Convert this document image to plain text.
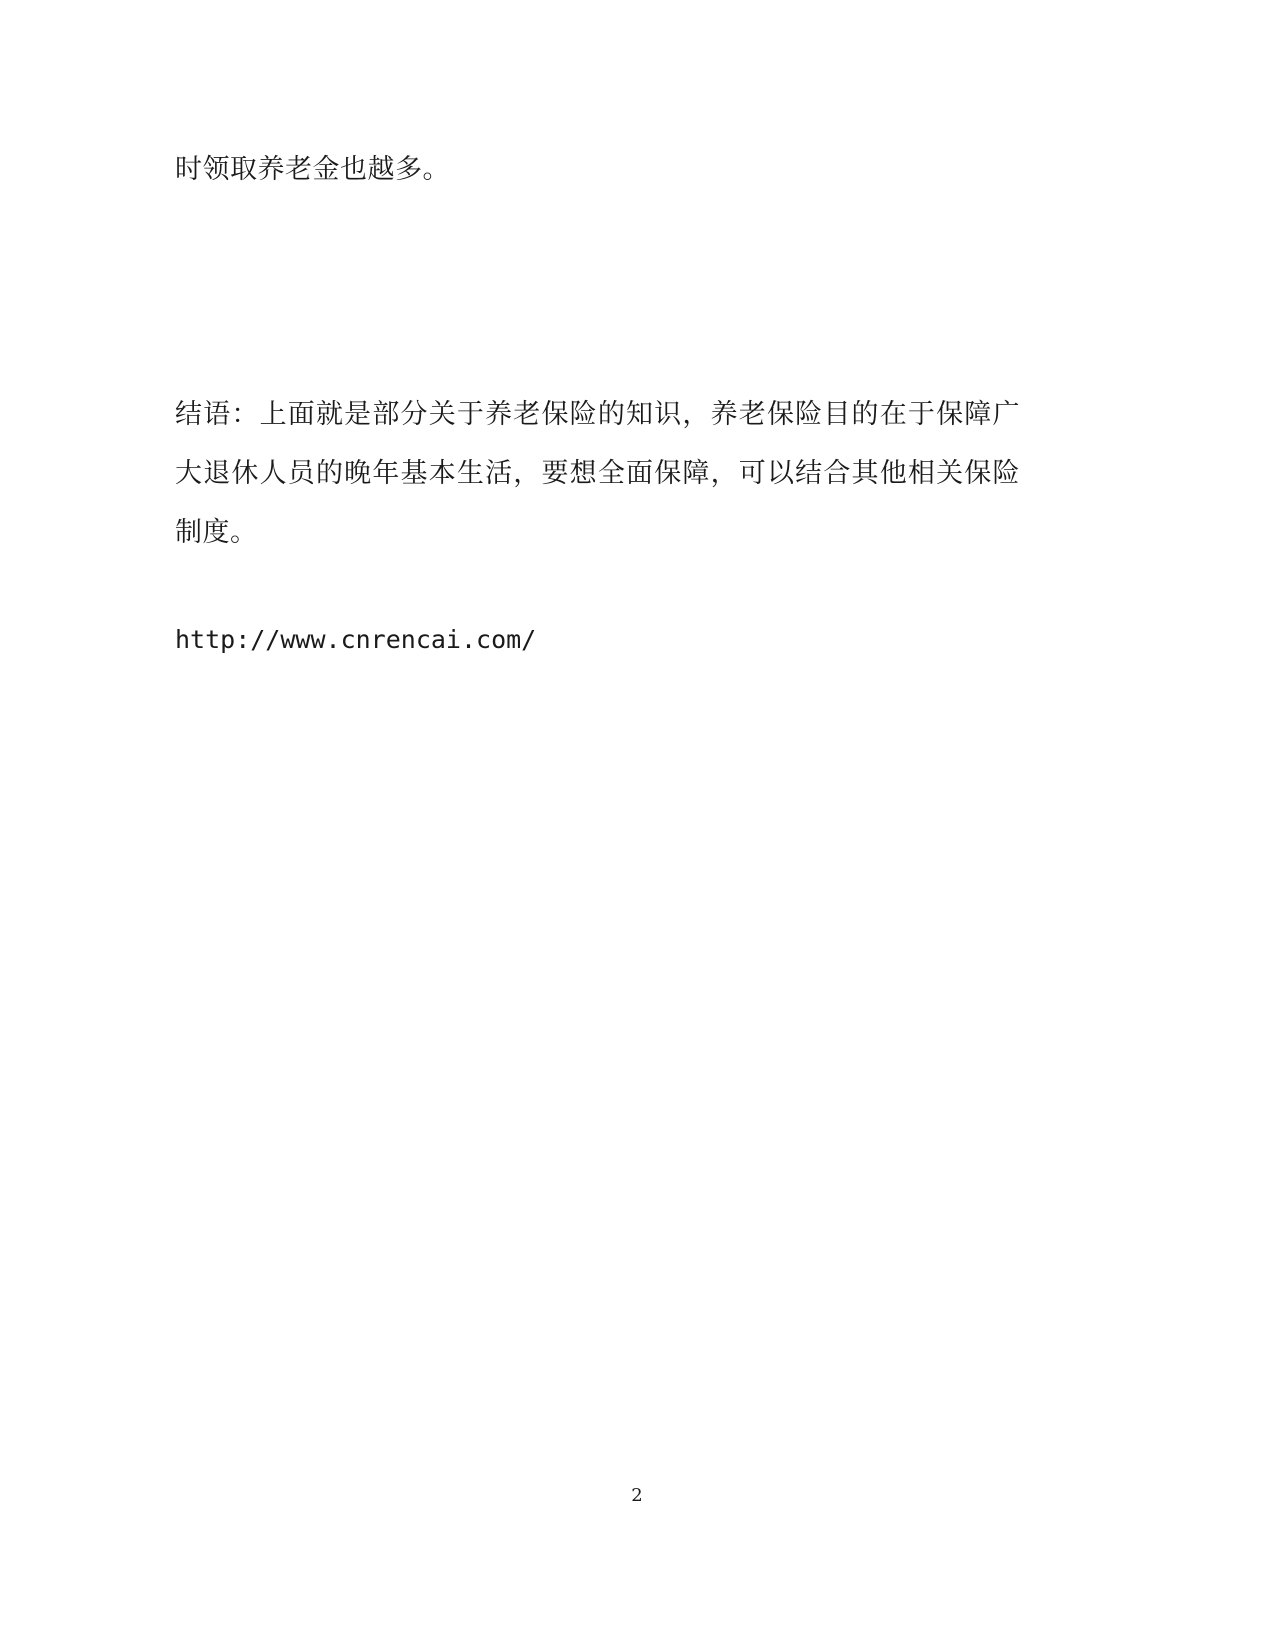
时领取养老金也越多。

结语：上面就是部分关于养老保险的知识，养老保险目的在于保障广大退休人员的晚年基本生活，要想全面保障，可以结合其他相关保险制度。

http://www.cnrencai.com/
2
